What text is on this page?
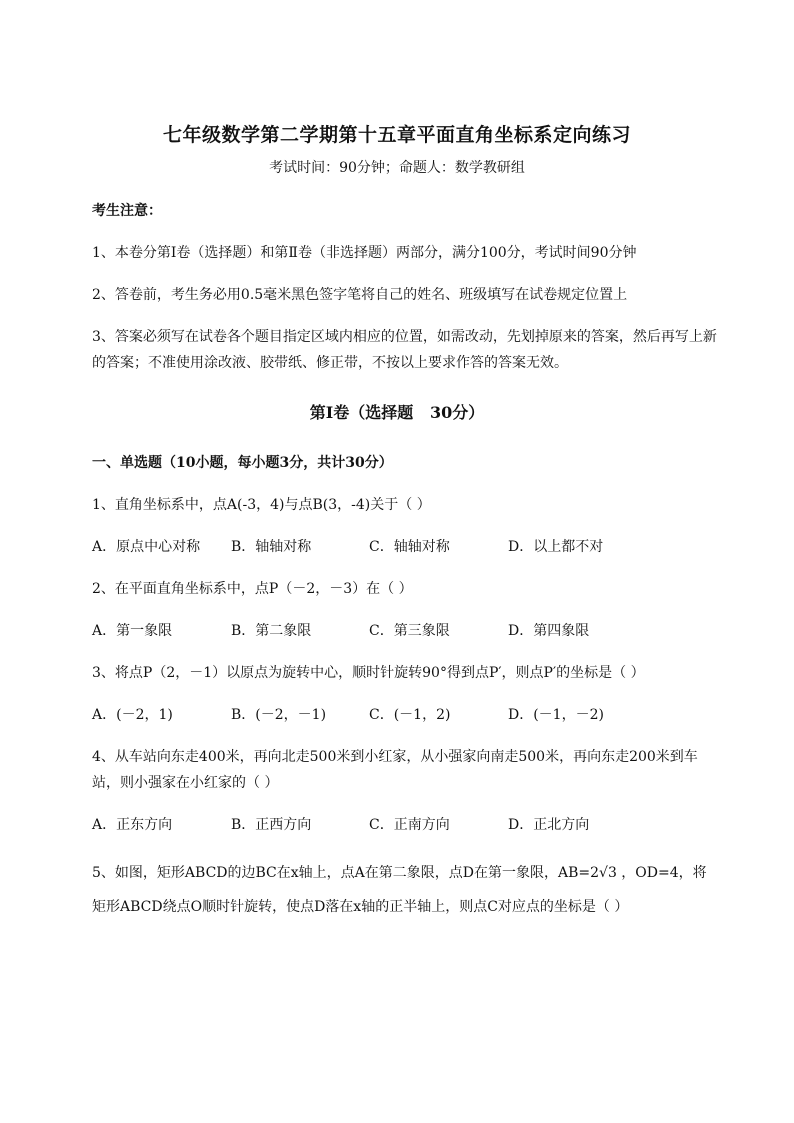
七年级数学第二学期第十五章平面直角坐标系定向练习
考试时间：90分钟；命题人：数学教研组
考生注意：
1、本卷分第I卷（选择题）和第Ⅱ卷（非选择题）两部分，满分100分，考试时间90分钟
2、答卷前，考生务必用0.5毫米黑色签字笔将自己的姓名、班级填写在试卷规定位置上
3、答案必须写在试卷各个题目指定区域内相应的位置，如需改动，先划掉原来的答案，然后再写上新
的答案；不准使用涂改液、胶带纸、修正带，不按以上要求作答的答案无效。
第I卷（选择题   30分）
一、单选题（10小题，每小题3分，共计30分）
1、直角坐标系中，点A(-3，4)与点B(3，-4)关于（ ）
A．原点中心对称 B．轴轴对称	C．轴轴对称	D．以上都不对
2、在平面直角坐标系中，点P（－2，－3）在（ ）
A．第一象限	B．第二象限	C．第三象限	D．第四象限
3、将点P（2，－1）以原点为旋转中心，顺时针旋转90°得到点P′，则点P′的坐标是（ ）
A．(－2，1)	B．(－2，－1)	C．(－1，2)	D．(－1，－2)
4、从车站向东走400米，再向北走500米到小红家，从小强家向南走500米，再向东走200米到车
站，则小强家在小红家的（ ）
A．正东方向	B．正西方向	C．正南方向	D．正北方向
5、如图，矩形ABCD的边BC在x轴上，点A在第二象限，点D在第一象限，AB=2√3 ，OD=4，将
矩形ABCD绕点O顺时针旋转，使点D落在x轴的正半轴上，则点C对应点的坐标是（ ）
